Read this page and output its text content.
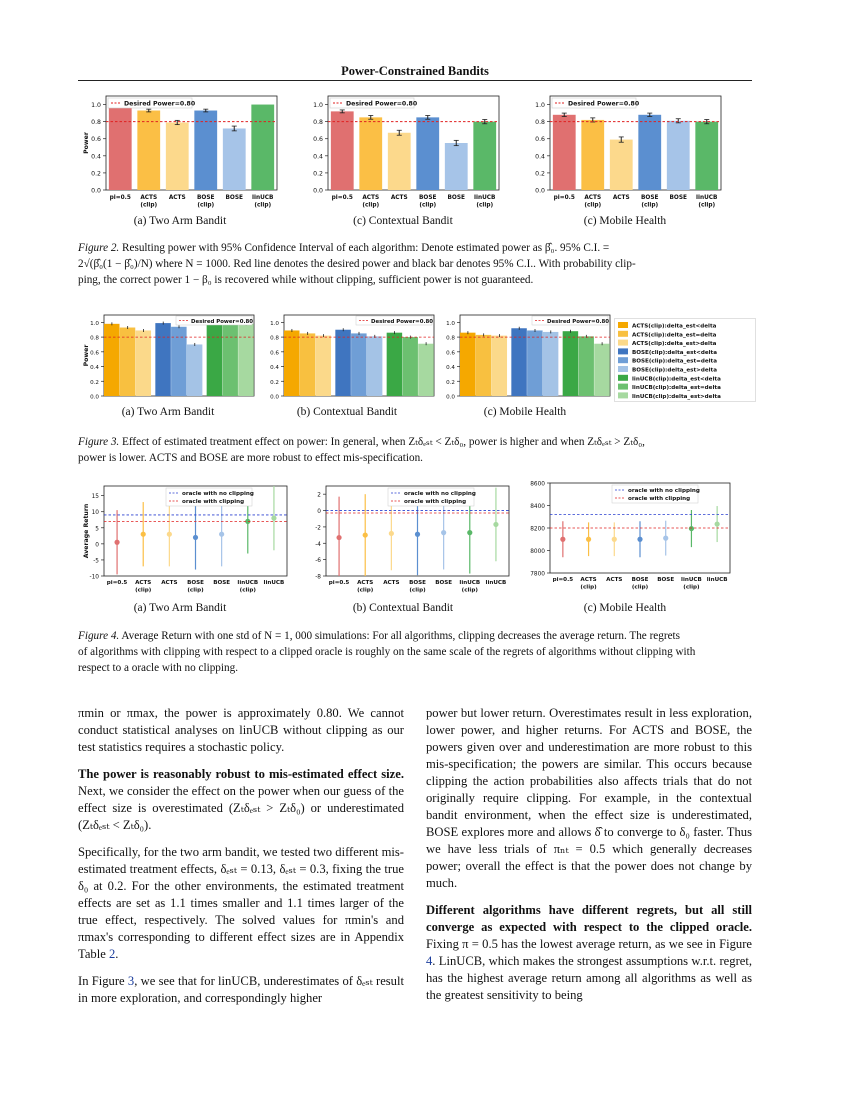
Power-Constrained Bandits
0.0
0.2
0.4
0.6
0.8
1.0
Power
pi=0.5 ACTS
(clip)
ACTS BOSE
(clip)
BOSE linUCB
(clip)
Desired Power=0.80
0.0
0.2
0.4
0.6
0.8
1.0
pi=0.5 ACTS
(clip)
ACTS BOSE
(clip)
BOSE linUCB
(clip)
Desired Power=0.80
0.0
0.2
0.4
0.6
0.8
1.0
pi=0.5 ACTS
(clip)
ACTS BOSE
(clip)
BOSE linUCB
(clip)
Desired Power=0.80
(a) Two Arm Bandit	(c) Contextual Bandit	(c) Mobile Health
Figure 2. Resulting power with 95% Confidence Interval of each algorithm: Denote estimated power as β̂₀. 95% C.I. =
2√(β̂₀(1 − β̂₀)/N) where N = 1000. Red line denotes the desired power and black bar denotes 95% C.I.. With probability clip-
ping, the correct power 1 − β₀ is recovered while without clipping, sufficient power is not guaranteed.
0.0
0.2
0.4
0.6
0.8
1.0
Power
Desired Power=0.80
0.0
0.2
0.4
0.6
0.8
1.0	Desired Power=0.80
0.0
0.2
0.4
0.6
0.8
1.0	Desired Power=0.80
ACTS(clip):delta_est<delta
ACTS(clip):delta_est=delta
ACTS(clip):delta_est>delta
BOSE(clip):delta_est<delta
BOSE(clip):delta_est=delta
BOSE(clip):delta_est>delta
linUCB(clip):delta_est<delta
linUCB(clip):delta_est=delta
linUCB(clip):delta_est>delta
(a) Two Arm Bandit	(b) Contextual Bandit	(c) Mobile Health
Figure 3. Effect of estimated treatment effect on power: In general, when Zₜδₑₛₜ < Zₜδ₀, power is higher and when Zₜδₑₛₜ > Zₜδ₀,
power is lower. ACTS and BOSE are more robust to effect mis-specification.
-10
-5
0
5
10
15
Average Return
pi=0.5 ACTS
(clip)
ACTS BOSE
(clip)
BOSE linUCB
(clip)
linUCB
oracle with no clipping
oracle with clipping
-8
-6
-4
-2
0
2
pi=0.5 ACTS
(clip)
ACTS BOSE
(clip)
BOSE linUCB
(clip)
linUCB
oracle with no clipping
oracle with clipping
7800
8000
8200
8400
8600
pi=0.5 ACTS
(clip)
ACTS BOSE
(clip)
BOSE linUCB
(clip)
linUCB
oracle with no clipping
oracle with clipping
(a) Two Arm Bandit	(b) Contextual Bandit	(c) Mobile Health
Figure 4. Average Return with one std of N = 1, 000 simulations: For all algorithms, clipping decreases the average return. The regrets
of algorithms with clipping with respect to a clipped oracle is roughly on the same scale of the regrets of algorithms without clipping with
respect to a oracle with no clipping.

πmin or πmax, the power is approximately 0.80. We cannot conduct statistical analyses on linUCB without clipping as our test statistics requires a stochastic policy.

The power is reasonably robust to mis-estimated effect size. Next, we consider the effect on the power when our guess of the effect size is overestimated (Zₜδₑₛₜ > Zₜδ₀) or underestimated (Zₜδₑₛₜ < Zₜδ₀).

Specifically, for the two arm bandit, we tested two different mis-estimated treatment effects, δₑₛₜ = 0.13, δₑₛₜ = 0.3, fixing the true δ₀ at 0.2. For the other environments, the estimated treatment effects are set as 1.1 times smaller and 1.1 times larger of the true effect, respectively. The solved values for πmin's and πmax's corresponding to different effect sizes are in Appendix Table 2.

In Figure 3, we see that for linUCB, underestimates of δₑₛₜ result in more exploration, and correspondingly higher

power but lower return. Overestimates result in less exploration, lower power, and higher returns. For ACTS and BOSE, the powers given over and underestimation are more robust to this mis-specification; the powers are similar. This occurs because clipping the action probabilities also affects trials that do not originally require clipping. For example, in the contextual bandit environment, when the effect size is underestimated, BOSE explores more and allows δ̂ to converge to δ₀ faster. Thus we have less trials of πₙₜ = 0.5 which generally decreases power; overall the effect is that the power does not change by much.

Different algorithms have different regrets, but all still converge as expected with respect to the clipped oracle. Fixing π = 0.5 has the lowest average return, as we see in Figure 4. LinUCB, which makes the strongest assumptions w.r.t. regret, has the highest average return among all algorithms as well as the greatest sensitivity to being
